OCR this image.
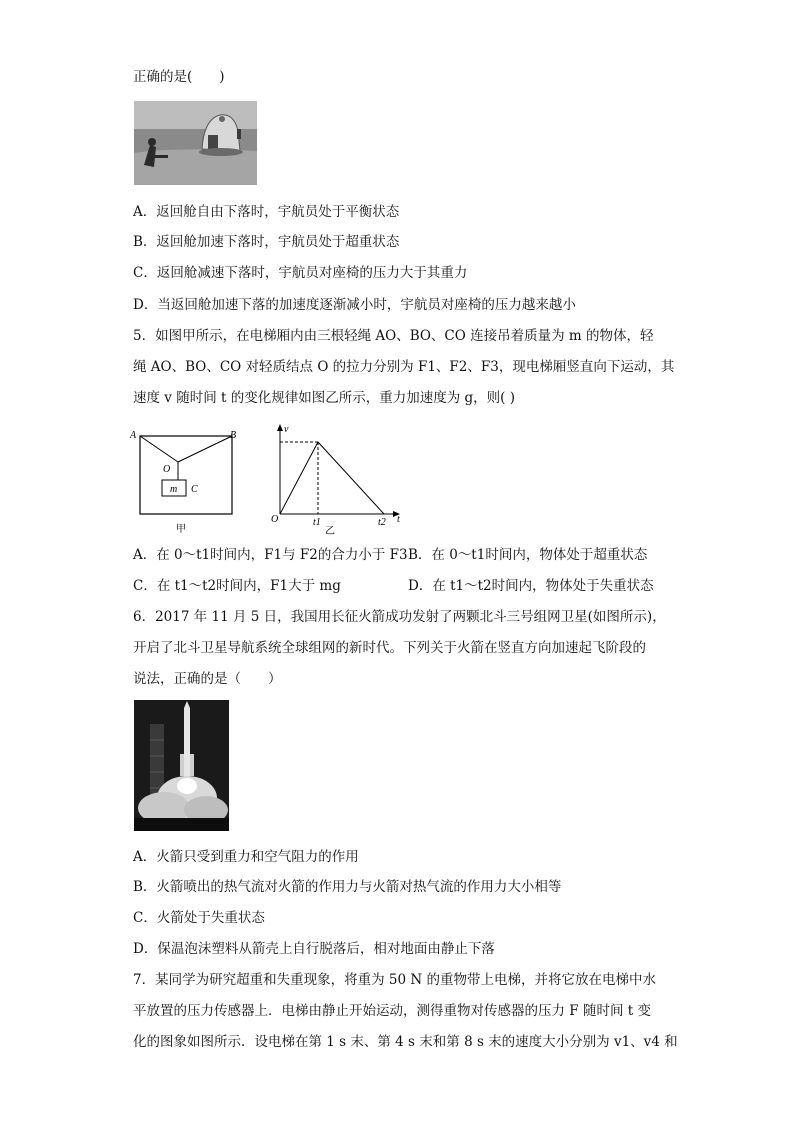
正确的是(　　)
A．返回舱自由下落时，宇航员处于平衡状态
B．返回舱加速下落时，宇航员处于超重状态
C．返回舱减速下落时，宇航员对座椅的压力大于其重力
D．当返回舱加速下落的加速度逐渐减小时，宇航员对座椅的压力越来越小
5．如图甲所示，在电梯厢内由三根轻绳 AO、BO、CO 连接吊着质量为 m 的物体，轻
绳 AO、BO、CO 对轻质结点 O 的拉力分别为 F1、F2、F3，现电梯厢竖直向下运动，其
速度 v 随时间 t 的变化规律如图乙所示，重力加速度为 g，则( )
A	B
O
m C
甲
v
O	t1	t2 t
乙
A．在 0～t1时间内，F1与 F2的合力小于 F3 B．在 0～t1时间内，物体处于超重状态
C．在 t1～t2时间内，F1大于 mg	D．在 t1～t2时间内，物体处于失重状态
6．2017 年 11 月 5 日，我国用长征火箭成功发射了两颗北斗三号组网卫星(如图所示)，
开启了北斗卫星导航系统全球组网的新时代。下列关于火箭在竖直方向加速起飞阶段的
说法，正确的是（　　）
A．火箭只受到重力和空气阻力的作用
B．火箭喷出的热气流对火箭的作用力与火箭对热气流的作用力大小相等
C．火箭处于失重状态
D．保温泡沫塑料从箭壳上自行脱落后，相对地面由静止下落
7．某同学为研究超重和失重现象，将重为 50 N 的重物带上电梯，并将它放在电梯中水
平放置的压力传感器上．电梯由静止开始运动，测得重物对传感器的压力 F 随时间 t 变
化的图象如图所示．设电梯在第 1 s 末、第 4 s 末和第 8 s 末的速度大小分别为 v1、v4 和
